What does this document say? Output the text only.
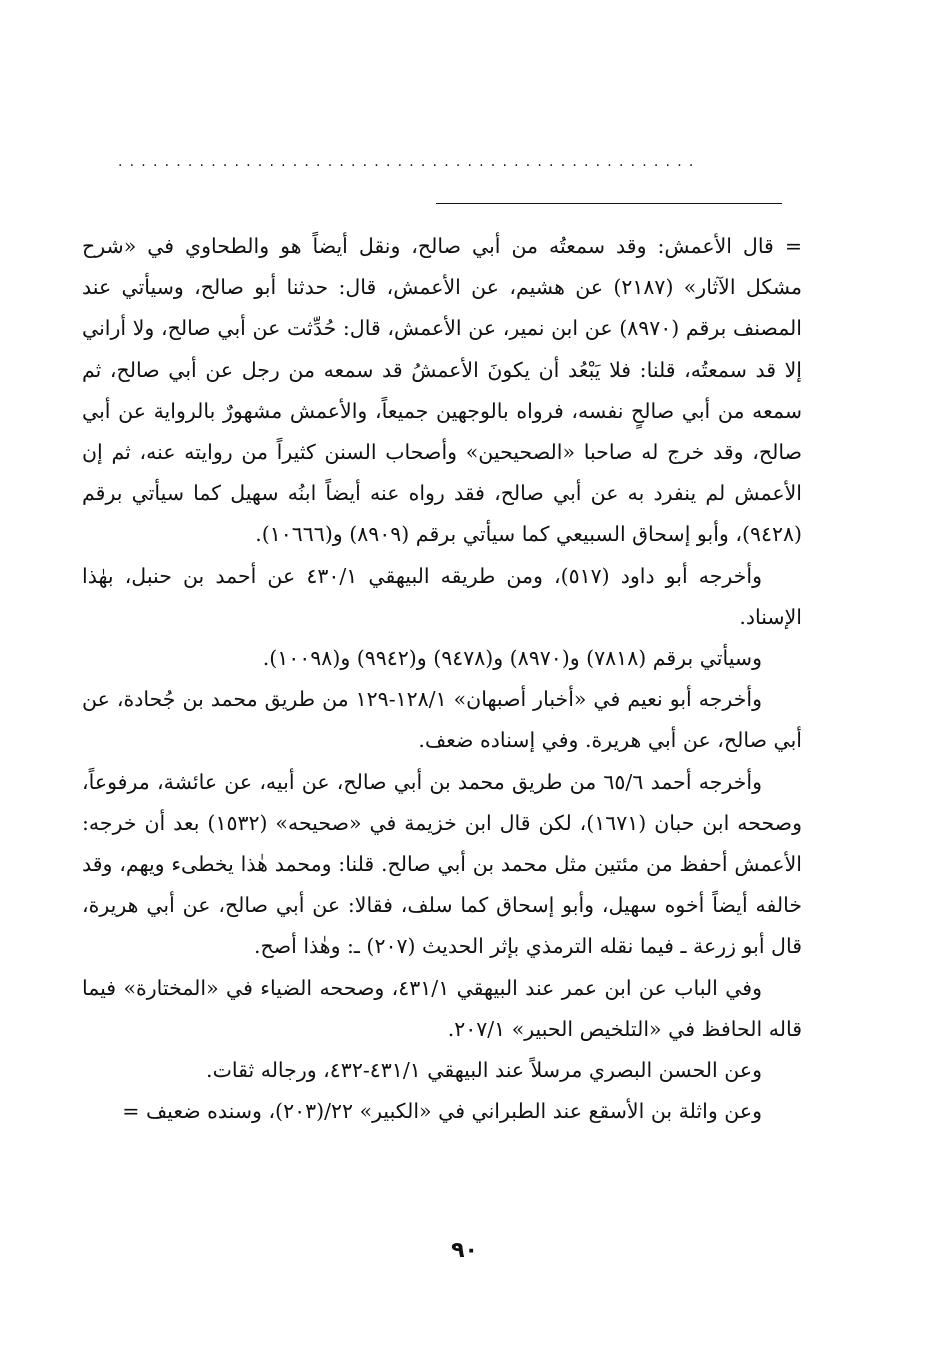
..................................................

= قال الأعمش: وقد سمعتُه من أبي صالح، ونقل أيضاً هو والطحاوي في «شرح مشكل الآثار» (٢١٨٧) عن هشيم، عن الأعمش، قال: حدثنا أبو صالح، وسيأتي عند المصنف برقم (٨٩٧٠) عن ابن نمير، عن الأعمش، قال: حُدِّثت عن أبي صالح، ولا أراني إلا قد سمعتُه، قلنا: فلا يَبْعُد أن يكونَ الأعمشُ قد سمعه من رجل عن أبي صالح، ثم سمعه من أبي صالحٍ نفسه، فرواه بالوجهين جميعاً، والأعمش مشهورٌ بالرواية عن أبي صالح، وقد خرج له صاحبا «الصحيحين» وأصحاب السنن كثيراً من روايته عنه، ثم إن الأعمش لم ينفرد به عن أبي صالح، فقد رواه عنه أيضاً ابنُه سهيل كما سيأتي برقم (٩٤٢٨)، وأبو إسحاق السبيعي كما سيأتي برقم (٨٩٠٩) و(١٠٦٦٦).

وأخرجه أبو داود (٥١٧)، ومن طريقه البيهقي ٤٣٠/١ عن أحمد بن حنبل، بهٰذا الإسناد.

وسيأتي برقم (٧٨١٨) و(٨٩٧٠) و(٩٤٧٨) و(٩٩٤٢) و(١٠٠٩٨).

وأخرجه أبو نعيم في «أخبار أصبهان» ١٢٨/١-١٢٩ من طريق محمد بن جُحادة، عن أبي صالح، عن أبي هريرة. وفي إسناده ضعف.

وأخرجه أحمد ٦٥/٦ من طريق محمد بن أبي صالح، عن أبيه، عن عائشة، مرفوعاً، وصححه ابن حبان (١٦٧١)، لكن قال ابن خزيمة في «صحيحه» (١٥٣٢) بعد أن خرجه: الأعمش أحفظ من مئتين مثل محمد بن أبي صالح. قلنا: ومحمد هٰذا يخطىء ويهم، وقد خالفه أيضاً أخوه سهيل، وأبو إسحاق كما سلف، فقالا: عن أبي صالح، عن أبي هريرة، قال أبو زرعة ـ فيما نقله الترمذي بإثر الحديث (٢٠٧) ـ: وهٰذا أصح.

وفي الباب عن ابن عمر عند البيهقي ٤٣١/١، وصححه الضياء في «المختارة» فيما قاله الحافظ في «التلخيص الحبير» ٢٠٧/١.

وعن الحسن البصري مرسلاً عند البيهقي ٤٣١/١-٤٣٢، ورجاله ثقات.

وعن واثلة بن الأسقع عند الطبراني في «الكبير» ٢٢/(٢٠٣)، وسنده ضعيف =

٩٠
